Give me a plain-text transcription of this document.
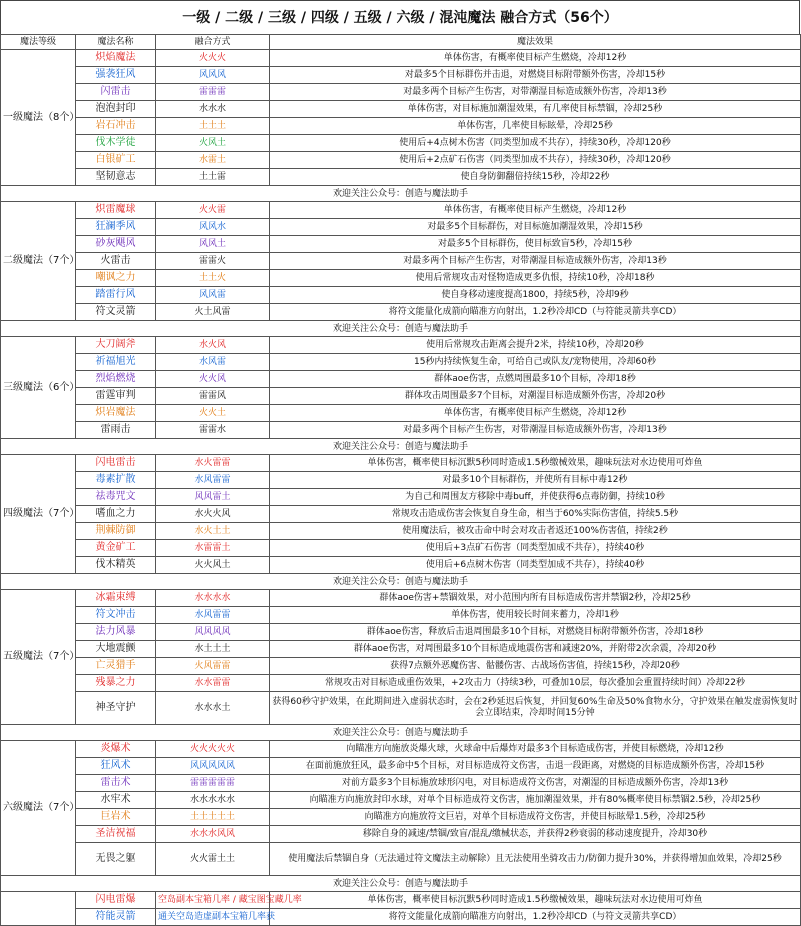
一级 / 二级 / 三级 / 四级 / 五级 / 六级 / 混沌魔法 融合方式（56个）
魔法等级	魔法名称	融合方式	魔法效果
一级魔法（8个）	炽焰魔法	火火火	单体伤害，有概率使目标产生燃烧，冷却12秒
	强袭狂风	风风风	对最多5个目标群伤并击退，对燃烧目标附带额外伤害，冷却15秒
	闪雷击	雷雷雷	对最多两个目标产生伤害，对带潮湿目标造成额外伤害，冷却13秒
	泡泡封印	水水水	单体伤害，对目标施加潮湿效果，有几率使目标禁锢，冷却25秒
	岩石冲击	土土土	单体伤害，几率使目标眩晕，冷却25秒
	伐木学徒	火风土	使用后+4点树木伤害（同类型加成不共存），持续30秒，冷却120秒
	白银矿工	水雷土	使用后+2点矿石伤害（同类型加成不共存），持续30秒，冷却120秒
	坚韧意志	土土雷	使自身防御翻倍持续15秒，冷却22秒
欢迎关注公众号：创造与魔法助手			
二级魔法（7个）	炽雷魔球	火火雷	单体伤害，有概率使目标产生燃烧，冷却12秒
	狂澜季风	风风水	对最多5个目标群伤，对目标施加潮湿效果，冷却15秒
	砂灰飓风	风风土	对最多5个目标群伤，使目标致盲5秒，冷却15秒
	火雷击	雷雷火	对最多两个目标产生伤害，对带潮湿目标造成额外伤害，冷却13秒
	嘲讽之力	土土火	使用后常规攻击对怪物造成更多仇恨，持续10秒，冷却18秒
	踏雷行风	风风雷	使自身移动速度提高1800，持续5秒，冷却9秒
	符文灵箭	火土风雷	将符文能量化成箭向瞄准方向射出，1.2秒冷却CD（与符能灵箭共享CD）
欢迎关注公众号：创造与魔法助手			
三级魔法（6个）	大刀阔斧	水火风	使用后常规攻击距离会提升2米，持续10秒，冷却20秒
	祈福旭光	水风雷	15秒内持续恢复生命，可给自己或队友/宠物使用，冷却60秒
	烈焰燃烧	火火风	群体aoe伤害，点燃周围最多10个目标，冷却18秒
	雷霆审判	雷雷风	群体攻击周围最多7个目标，对潮湿目标造成额外伤害，冷却20秒
	炽岩魔法	火火土	单体伤害，有概率使目标产生燃烧，冷却12秒
	雷雨击	雷雷水	对最多两个目标产生伤害，对带潮湿目标造成额外伤害，冷却13秒
欢迎关注公众号：创造与魔法助手			
四级魔法（7个）	闪电雷击	水火雷雷	单体伤害，概率使目标沉默5秒同时造成1.5秒缴械效果，趣味玩法对水边使用可炸鱼
	毒素扩散	水风雷雷	对最多10个目标群伤，并使所有目标中毒12秒
	祛毒咒文	风风雷土	为自己和周围友方移除中毒buff，并使获得6点毒防御，持续10秒
	嗜血之力	水火火风	常规攻击造成伤害会恢复自身生命，相当于60%实际伤害值，持续5.5秒
	荆棘防御	水火土土	使用魔法后，被攻击命中时会对攻击者返还100%伤害值，持续2秒
	黄金矿工	水雷雷土	使用后+3点矿石伤害（同类型加成不共存），持续40秒
	伐木精英	火火风土	使用后+6点树木伤害（同类型加成不共存），持续40秒
欢迎关注公众号：创造与魔法助手			
五级魔法（7个）	冰霜束缚	水水水水	群体aoe伤害+禁锢效果，对小范围内所有目标造成伤害并禁锢2秒，冷却25秒
	符文冲击	水风雷雷	单体伤害，使用较长时间来蓄力，冷却1秒
	法力风暴	风风风风	群体aoe伤害，释放后击退周围最多10个目标，对燃烧目标附带额外伤害，冷却18秒
	大地震颤	水土土土	群体aoe伤害，对周围最多10个目标造成地震伤害和减速20%，并附带2次余震，冷却20秒
	亡灵猎手	火风雷雷	获得7点额外恶魔伤害、骷髅伤害、古战场伤害值，持续15秒，冷却20秒
	残暴之力	水水雷雷	常规攻击对目标造成重伤效果，+2攻击力（持续3秒，可叠加10层，每次叠加会重置持续时间）冷却22秒
	神圣守护	水水水土	获得60秒守护效果，在此期间进入虚弱状态时，会在2秒延迟后恢复，并回复60%生命及50%食物水分，守护效果在触发虚弱恢复时会立即结束，冷却时间15分钟
欢迎关注公众号：创造与魔法助手			
六级魔法（7个）	炎爆术	火火火火火	向瞄准方向施放炎爆火球，火球命中后爆炸对最多3个目标造成伤害，并使目标燃烧，冷却12秒
	狂风术	风风风风风	在面前施放狂风，最多命中5个目标，对目标造成符文伤害，击退一段距离，对燃烧的目标造成额外伤害，冷却15秒
	雷击术	雷雷雷雷雷	对前方最多3个目标施放球形闪电，对目标造成符文伤害，对潮湿的目标造成额外伤害，冷却13秒
	水牢术	水水水水水	向瞄准方向施放封印水球，对单个目标造成符文伤害，施加潮湿效果，并有80%概率使目标禁锢2.5秒，冷却25秒
	巨岩术	土土土土土	向瞄准方向施放符文巨岩，对单个目标造成符文伤害，并使目标眩晕1.5秒，冷却25秒
	圣洁祝福	水水水风风	移除自身的减速/禁锢/致盲/混乱/缴械状态，并获得2秒衰弱的移动速度提升，冷却30秒
	无畏之躯	火火雷土土	使用魔法后禁锢自身（无法通过符文魔法主动解除）且无法使用坐骑攻击力/防御力提升30%，并获得增加血效果，冷却25秒
欢迎关注公众号：创造与魔法助手			
	闪电雷爆	空岛副本宝箱几率 / 藏宝图宝藏几率	单体伤害，概率使目标沉默5秒同时造成1.5秒缴械效果，趣味玩法对水边使用可炸鱼
	符能灵箭	通关空岛造虚副本宝箱几率获	将符文能量化成箭向瞄准方向射出，1.2秒冷却CD（与符文灵箭共享CD）
